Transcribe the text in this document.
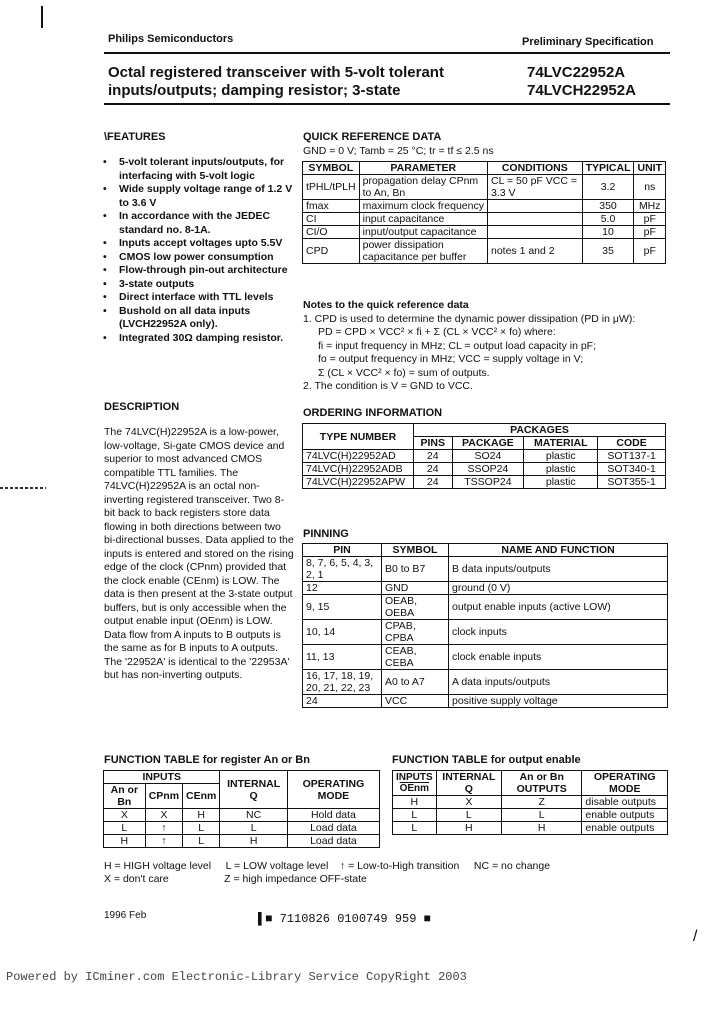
Philips Semiconductors	Preliminary Specification
Octal registered transceiver with 5-volt tolerant
inputs/outputs; damping resistor; 3-state
74LVC22952A
74LVCH22952A
\FEATURES
• 5-volt tolerant inputs/outputs, for interfacing with 5-volt logic
• Wide supply voltage range of 1.2 V to 3.6 V
• In accordance with the JEDEC standard no. 8-1A.
• Inputs accept voltages upto 5.5V
• CMOS low power consumption
• Flow-through pin-out architecture
• 3-state outputs
• Direct interface with TTL levels
• Bushold on all data inputs (LVCH22952A only).
• Integrated 30Ω damping resistor.
DESCRIPTION
The 74LVC(H)22952A is a low-power, low-voltage, Si-gate CMOS device and superior to most advanced CMOS compatible TTL families. The 74LVC(H)22952A is an octal non-inverting registered transceiver. Two 8-bit back to back registers store data flowing in both directions between two bi-directional busses. Data applied to the inputs is entered and stored on the rising edge of the clock (CPnm) provided that the clock enable (CEnm) is LOW. The data is then present at the 3-state output buffers, but is only accessible when the output enable input (OEnm) is LOW. Data flow from A inputs to B outputs is the same as for B inputs to A outputs. The '22952A' is identical to the '22953A' but has non-inverting outputs.
QUICK REFERENCE DATA
GND = 0 V; Tamb = 25 °C; tr = tf ≤ 2.5 ns
SYMBOL	PARAMETER	CONDITIONS	TYPICAL	UNIT
tPHL/tPLH	propagation delay CPnm to An, Bn	CL = 50 pF VCC = 3.3 V	3.2	ns
fmax	maximum clock frequency		350	MHz
CI	input capacitance		5.0	pF
CI/O	input/output capacitance		10	pF
CPD	power dissipation capacitance per buffer	notes 1 and 2	35	pF
Notes to the quick reference data
1. CPD is used to determine the dynamic power dissipation (PD in μW):
PD = CPD × VCC² × fi + Σ (CL × VCC² × fo) where:
fi = input frequency in MHz; CL = output load capacity in pF;
fo = output frequency in MHz; VCC = supply voltage in V;
Σ (CL × VCC² × fo) = sum of outputs.
2. The condition is V = GND to VCC.
ORDERING INFORMATION
TYPE NUMBER	PACKAGES			
	PINS	PACKAGE	MATERIAL	CODE
74LVC(H)22952AD	24	SO24	plastic	SOT137-1
74LVC(H)22952ADB	24	SSOP24	plastic	SOT340-1
74LVC(H)22952APW	24	TSSOP24	plastic	SOT355-1
PINNING
PIN	SYMBOL	NAME AND FUNCTION
8, 7, 6, 5, 4, 3, 2, 1	B0 to B7	B data inputs/outputs
12	GND	ground (0 V)
9, 15	OEAB, OEBA	output enable inputs (active LOW)
10, 14	CPAB, CPBA	clock inputs
11, 13	CEAB, CEBA	clock enable inputs
16, 17, 18, 19, 20, 21, 22, 23	A0 to A7	A data inputs/outputs
24	VCC	positive supply voltage
FUNCTION TABLE for register An or Bn
INPUTS			INTERNAL Q	OPERATING MODE
An or Bn	CPnm	CEnm		
X	X	H	NC	Hold data
L	↑	L	L	Load data
H	↑	L	H	Load data
FUNCTION TABLE for output enable
INPUTS
OEnm	INTERNAL Q	An or Bn OUTPUTS	OPERATING MODE
H	X	Z	disable outputs
L	L	L	enable outputs
L	H	H	enable outputs
H = HIGH voltage level     L = LOW voltage level    ↑ = Low-to-High transition     NC = no change
X = don't care                   Z = high impedance OFF-state
1996 Feb	▌■ 7110826 0100749 959 ■
/
Powered by ICminer.com Electronic-Library Service CopyRight 2003
